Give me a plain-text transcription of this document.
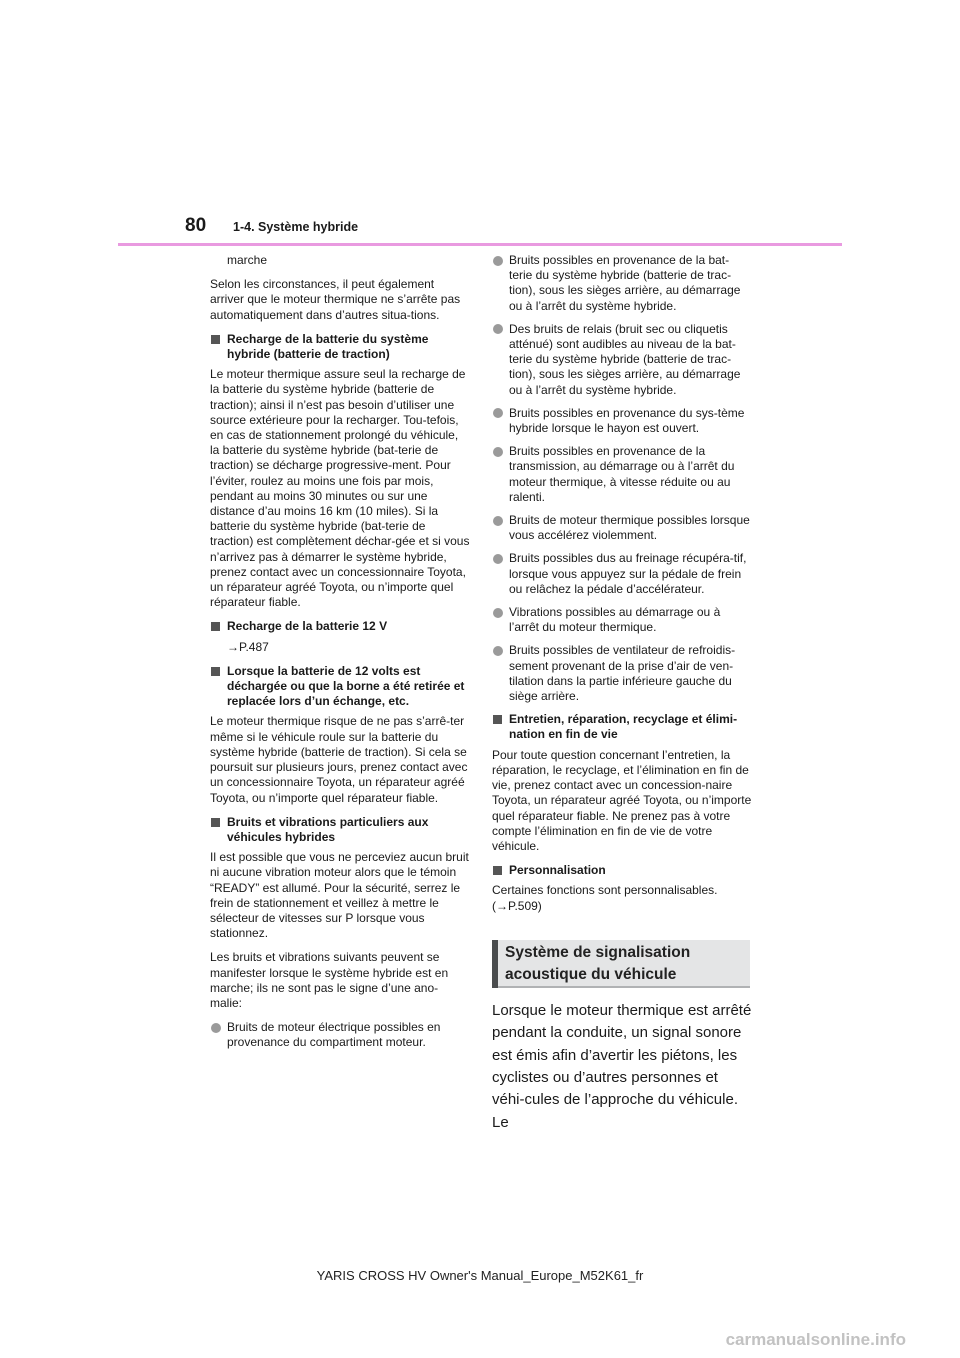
80 1-4. Système hybride

marche

Selon les circonstances, il peut également arriver que le moteur thermique ne s’arrête pas automatiquement dans d’autres situa-tions.

Recharge de la batterie du système hybride (batterie de traction)

Le moteur thermique assure seul la recharge de la batterie du système hybride (batterie de traction); ainsi il n’est pas besoin d’utiliser une source extérieure pour la recharger. Tou-tefois, en cas de stationnement prolongé du véhicule, la batterie du système hybride (bat-terie de traction) se décharge progressive-ment. Pour l’éviter, roulez au moins une fois par mois, pendant au moins 30 minutes ou sur une distance d’au moins 16 km (10 miles). Si la batterie du système hybride (bat-terie de traction) est complètement déchar-gée et si vous n’arrivez pas à démarrer le système hybride, prenez contact avec un concessionnaire Toyota, un réparateur agréé Toyota, ou n’importe quel réparateur fiable.

Recharge de la batterie 12 V

→P.487

Lorsque la batterie de 12 volts est déchargée ou que la borne a été retirée et replacée lors d’un échange, etc.

Le moteur thermique risque de ne pas s’arrê-ter même si le véhicule roule sur la batterie du système hybride (batterie de traction). Si cela se poursuit sur plusieurs jours, prenez contact avec un concessionnaire Toyota, un réparateur agréé Toyota, ou n’importe quel réparateur fiable.

Bruits et vibrations particuliers aux véhicules hybrides

Il est possible que vous ne perceviez aucun bruit ni aucune vibration moteur alors que le témoin “READY” est allumé. Pour la sécurité, serrez le frein de stationnement et veillez à mettre le sélecteur de vitesses sur P lorsque vous stationnez.

Les bruits et vibrations suivants peuvent se manifester lorsque le système hybride est en marche; ils ne sont pas le signe d’une ano-malie:

Bruits de moteur électrique possibles en provenance du compartiment moteur.
Bruits possibles en provenance de la bat-terie du système hybride (batterie de trac-tion), sous les sièges arrière, au démarrage ou à l’arrêt du système hybride.
Des bruits de relais (bruit sec ou cliquetis atténué) sont audibles au niveau de la bat-terie du système hybride (batterie de trac-tion), sous les sièges arrière, au démarrage ou à l’arrêt du système hybride.
Bruits possibles en provenance du sys-tème hybride lorsque le hayon est ouvert.
Bruits possibles en provenance de la transmission, au démarrage ou à l’arrêt du moteur thermique, à vitesse réduite ou au ralenti.
Bruits de moteur thermique possibles lorsque vous accélérez violemment.
Bruits possibles dus au freinage récupéra-tif, lorsque vous appuyez sur la pédale de frein ou relâchez la pédale d’accélérateur.
Vibrations possibles au démarrage ou à l’arrêt du moteur thermique.
Bruits possibles de ventilateur de refroidis-sement provenant de la prise d’air de ven-tilation dans la partie inférieure gauche du siège arrière.
Entretien, réparation, recyclage et élimi-nation en fin de vie

Pour toute question concernant l’entretien, la réparation, le recyclage, et l’élimination en fin de vie, prenez contact avec un concession-naire Toyota, un réparateur agréé Toyota, ou n’importe quel réparateur fiable. Ne prenez pas à votre compte l’élimination en fin de vie de votre véhicule.

Personnalisation

Certaines fonctions sont personnalisables. (→P.509)

Système de signalisation acoustique du véhicule

Lorsque le moteur thermique est arrêté pendant la conduite, un signal sonore est émis afin d’avertir les piétons, les cyclistes ou d’autres personnes et véhi-cules de l’approche du véhicule. Le

YARIS CROSS HV Owner's Manual_Europe_M52K61_fr
carmanualsonline.info
